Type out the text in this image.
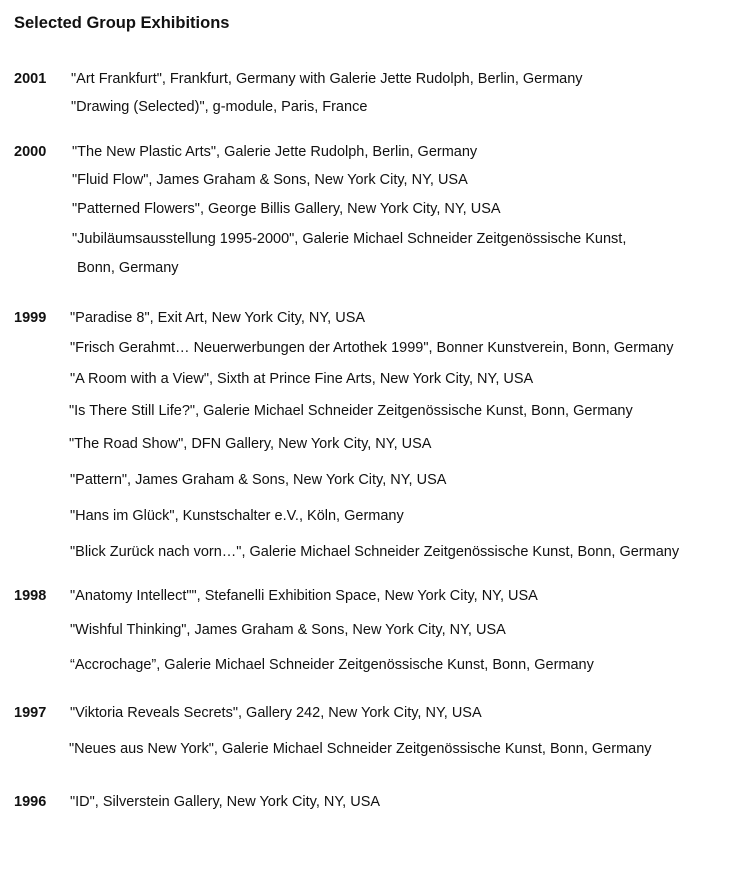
Selected Group Exhibitions
2001 "Art Frankfurt", Frankfurt, Germany with Galerie Jette Rudolph, Berlin, Germany
"Drawing (Selected)", g-module, Paris, France
2000 "The New Plastic Arts", Galerie Jette Rudolph, Berlin, Germany
"Fluid Flow", James Graham & Sons, New York City, NY, USA
"Patterned Flowers", George Billis Gallery, New York City, NY, USA
"Jubiläumsausstellung 1995-2000", Galerie Michael Schneider Zeitgenössische Kunst,
Bonn, Germany
1999 "Paradise 8", Exit Art, New York City, NY, USA
"Frisch Gerahmt… Neuerwerbungen der Artothek 1999", Bonner Kunstverein, Bonn, Germany
"A Room with a View", Sixth at Prince Fine Arts, New York City, NY, USA
"Is There Still Life?", Galerie Michael Schneider Zeitgenössische Kunst, Bonn, Germany
"The Road Show", DFN Gallery, New York City, NY, USA
"Pattern", James Graham & Sons, New York City, NY, USA
"Hans im Glück", Kunstschalter e.V., Köln, Germany
"Blick Zurück nach vorn…", Galerie Michael Schneider Zeitgenössische Kunst, Bonn, Germany
1998 "Anatomy Intellect"", Stefanelli Exhibition Space, New York City, NY, USA
"Wishful Thinking", James Graham & Sons, New York City, NY, USA
“Accrochage”, Galerie Michael Schneider Zeitgenössische Kunst, Bonn, Germany
1997 "Viktoria Reveals Secrets", Gallery 242, New York City, NY, USA
"Neues aus New York", Galerie Michael Schneider Zeitgenössische Kunst, Bonn, Germany
1996 "ID", Silverstein Gallery, New York City, NY, USA
